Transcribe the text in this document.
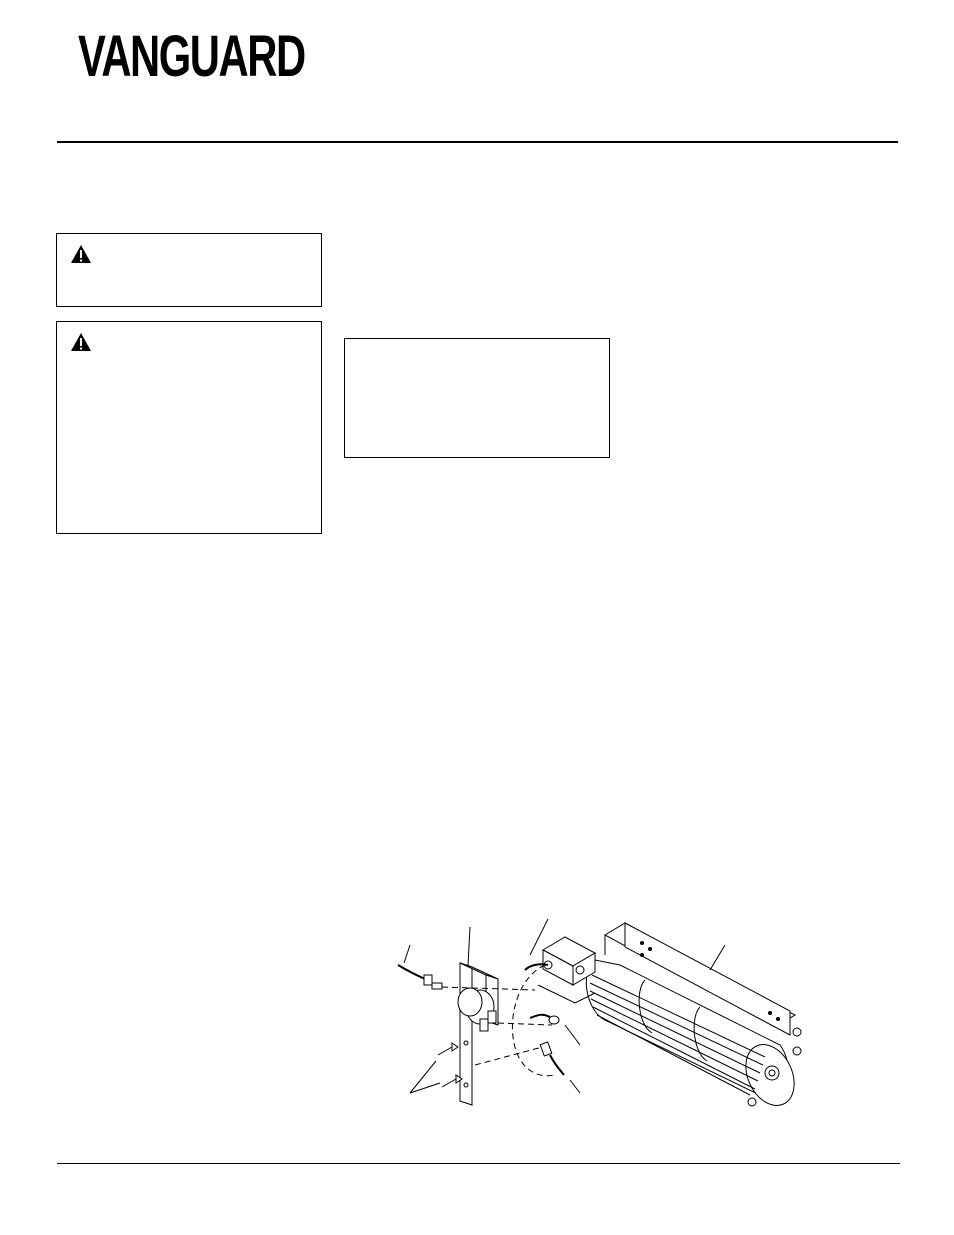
VANGUARD
